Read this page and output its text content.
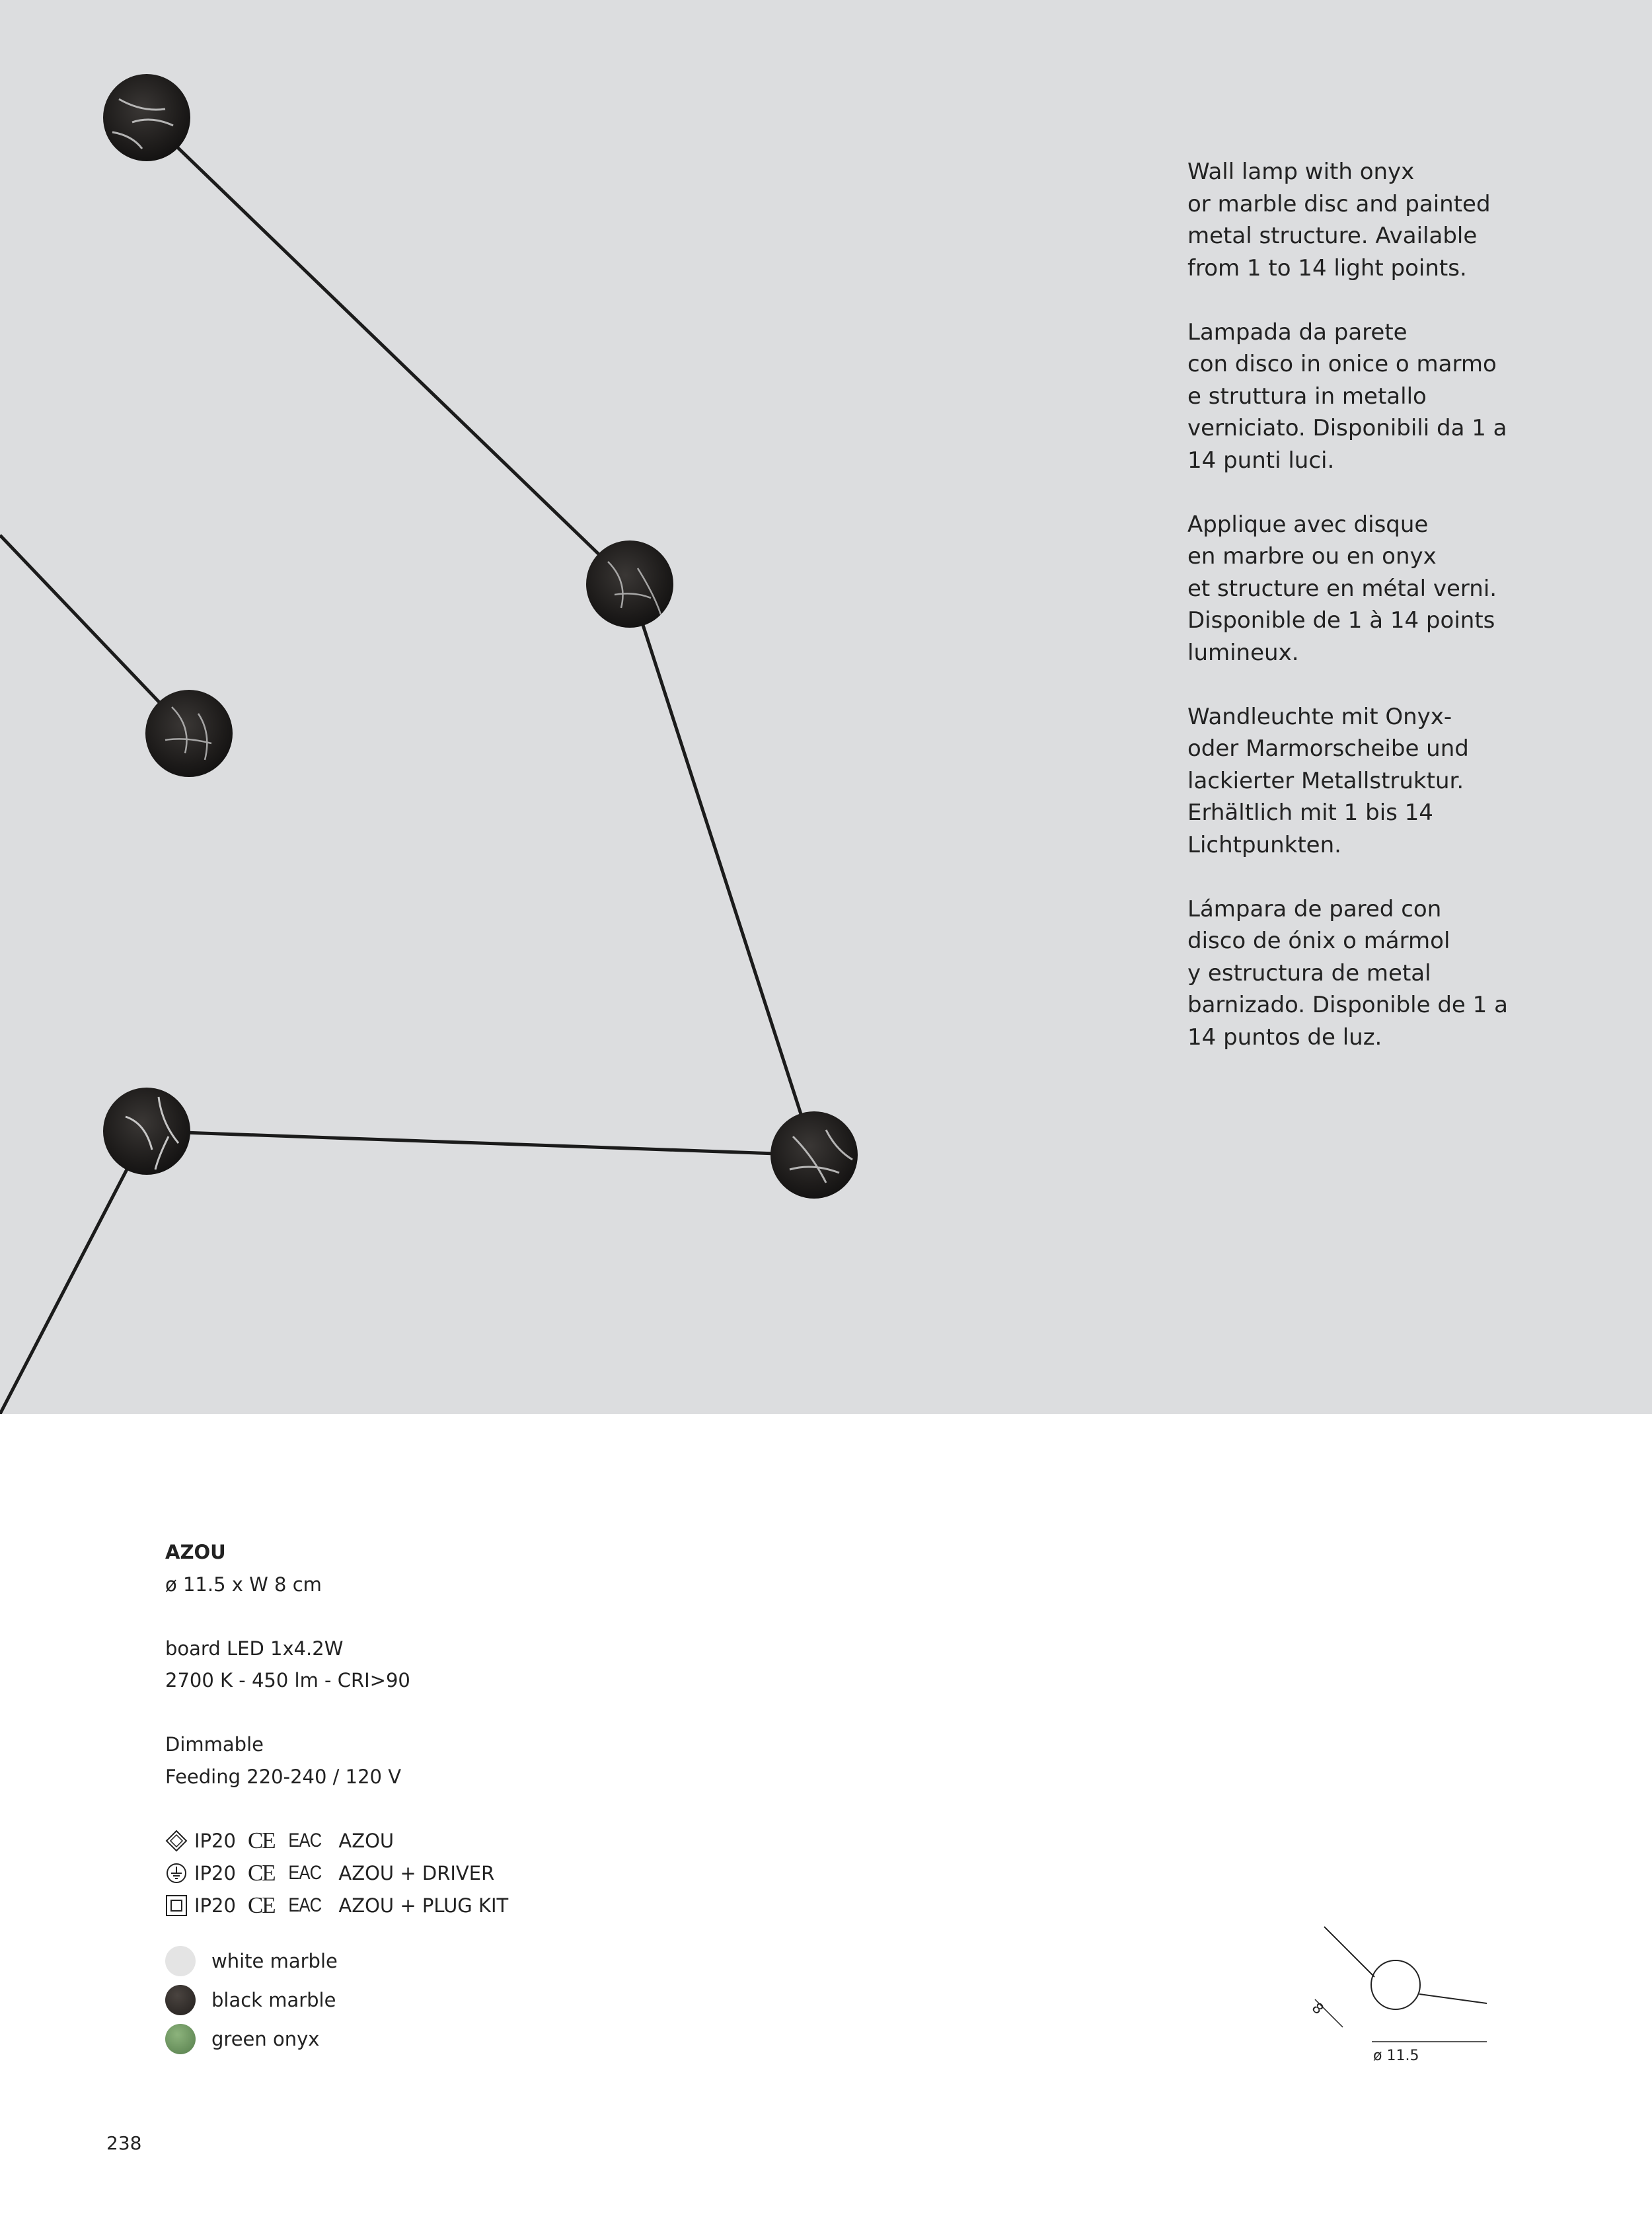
Wall lamp with onyx
or marble disc and painted
metal structure. Available
from 1 to 14 light points.

Lampada da parete
con disco in onice o marmo
e struttura in metallo
verniciato. Disponibili da 1 a
14 punti luci.

Applique avec disque
en marbre ou en onyx
et structure en métal verni.
Disponible de 1 à 14 points
lumineux.

Wandleuchte mit Onyx-
oder Marmorscheibe und
lackierter Metallstruktur.
Erhältlich mit 1 bis 14
Lichtpunkten.

Lámpara de pared con
disco de ónix o mármol
y estructura de metal
barnizado. Disponible de 1 a
14 puntos de luz.

AZOU
ø 11.5 x W 8 cm
board LED 1x4.2W
2700 K - 450 lm - CRI>90
Dimmable
Feeding 220-240 / 120 V
IP20 CE EAC AZOU
IP20 CE EAC AZOU + DRIVER
IP20 CE EAC AZOU + PLUG KIT
white marble
black marble
green onyx
8
ø 11.5
238
